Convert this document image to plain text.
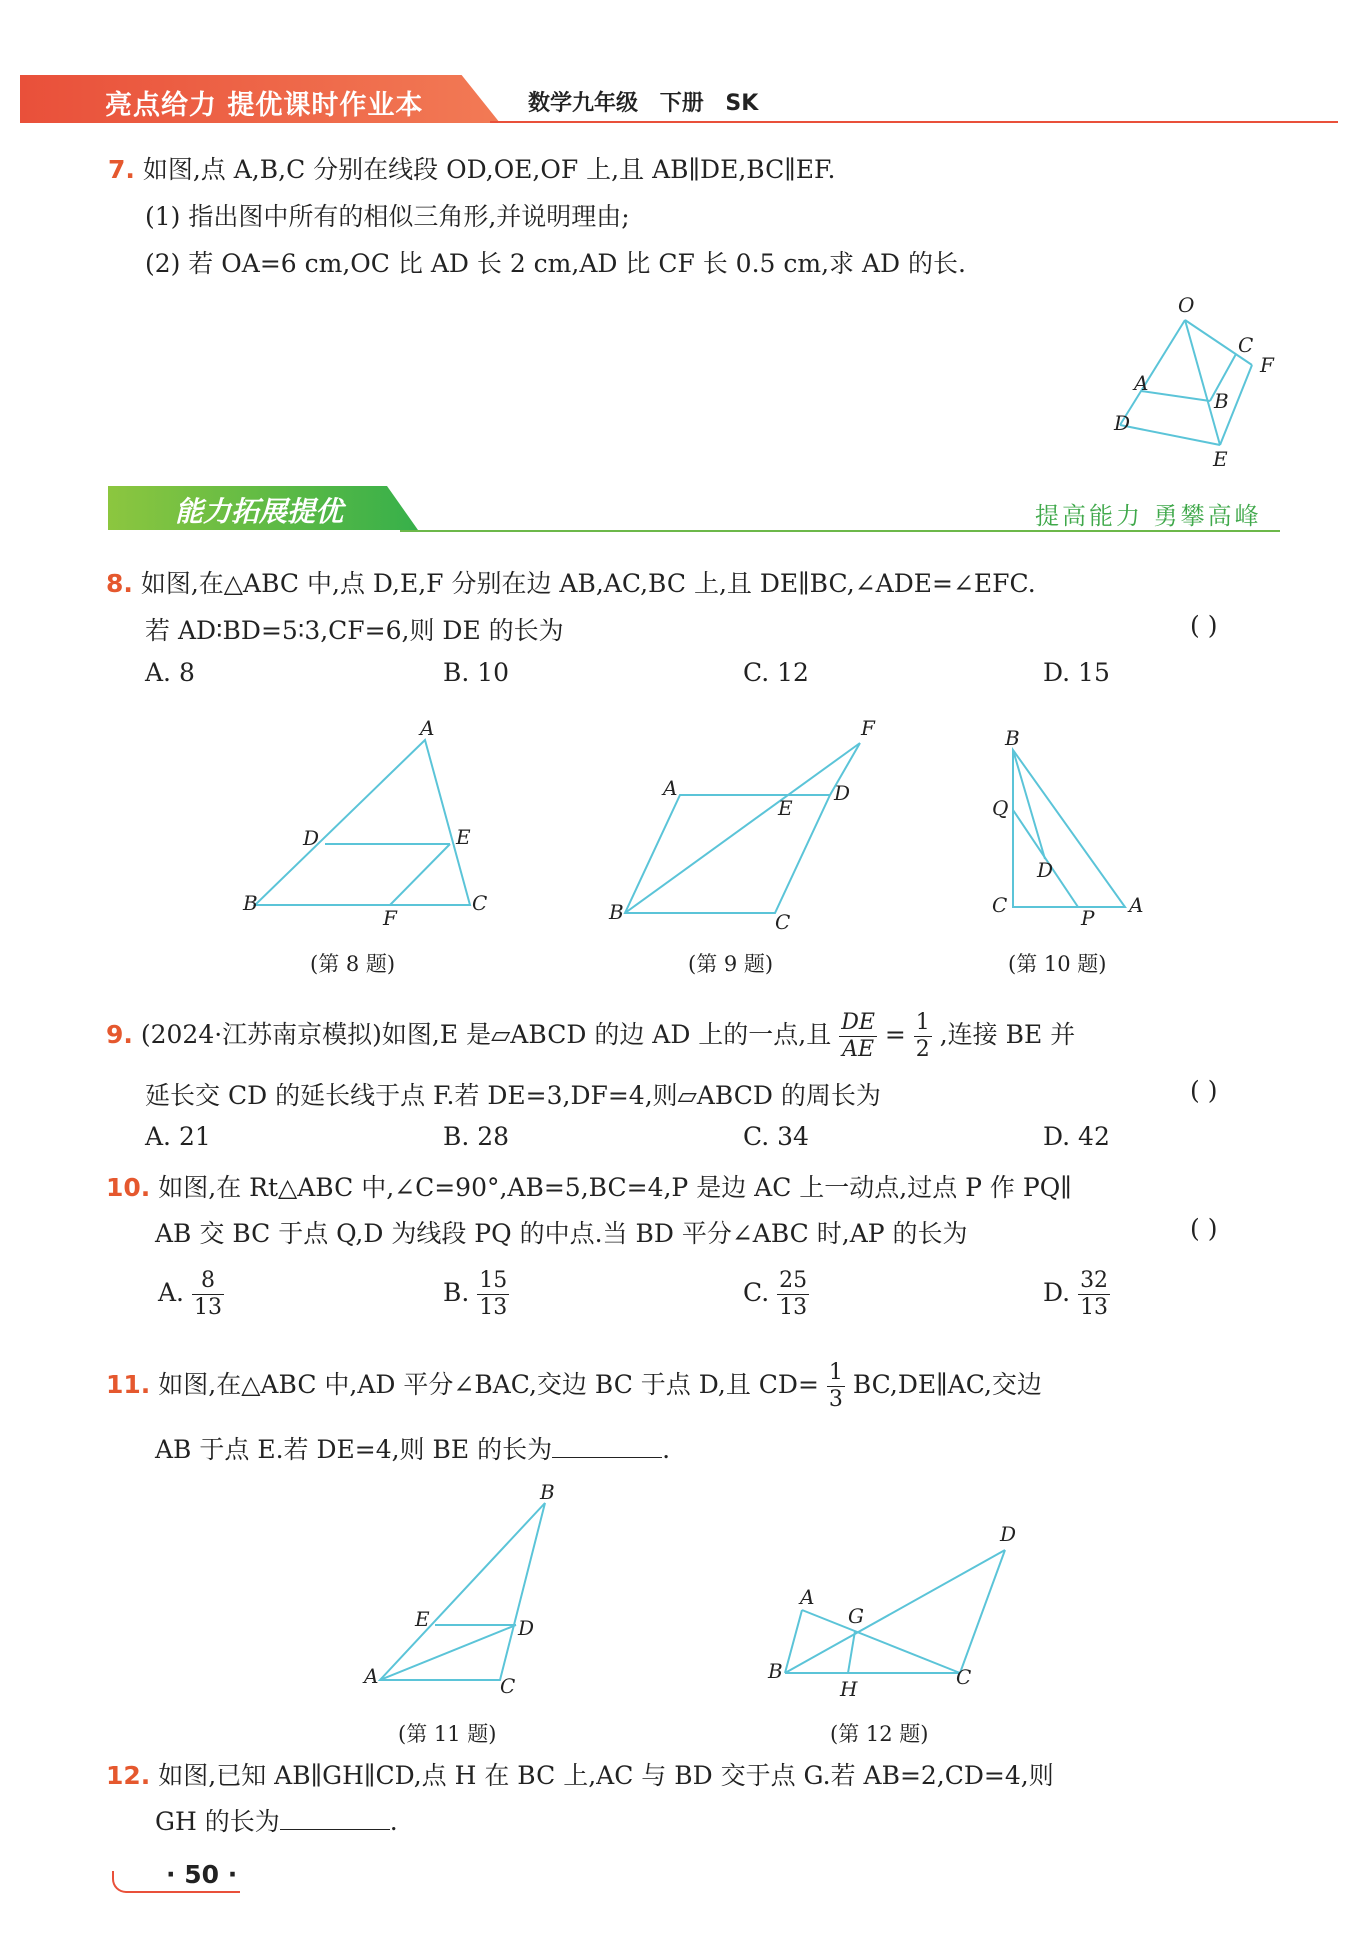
亮点给力 提优课时作业本	数学九年级 下册 SK
7. 如图,点 A,B,C 分别在线段 OD,OE,OF 上,且 AB∥DE,BC∥EF.
(1) 指出图中所有的相似三角形,并说明理由;
(2) 若 OA=6 cm,OC 比 AD 长 2 cm,AD 比 CF 长 0.5 cm,求 AD 的长.
O
C
F
A
B
D
E
能力拓展提优	提高能力 勇攀高峰
8. 如图,在△ABC 中,点 D,E,F 分别在边 AB,AC,BC 上,且 DE∥BC,∠ADE=∠EFC.
若 AD∶BD=5∶3,CF=6,则 DE 的长为	( )
A. 8	B. 10	C. 12	D. 15
A
D	E
B
F
C
(第 8 题)
F
A
E
D
B	C
(第 9 题)
B
Q
D
C
P
A
(第 10 题)
9. (2024·江苏南京模拟)如图,E 是▱ABCD 的边 AD 上的一点,且 $\frac{DE}{AE} = \frac{1}{2}$ ,连接 BE 并
延长交 CD 的延长线于点 F.若 DE=3,DF=4,则▱ABCD 的周长为	( )
A. 21	B. 28	C. 34	D. 42
10. 如图,在 Rt△ABC 中,∠C=90°,AB=5,BC=4,P 是边 AC 上一动点,过点 P 作 PQ∥
AB 交 BC 于点 Q,D 为线段 PQ 的中点.当 BD 平分∠ABC 时,AP 的长为	( )
A. $\frac{8}{13}$	B. $\frac{15}{13}$	C. $\frac{25}{13}$	D. $\frac{32}{13}$
11. 如图,在△ABC 中,AD 平分∠BAC,交边 BC 于点 D,且 $CD= \frac{1}{3}$ BC,DE∥AC,交边
AB 于点 E.若 DE=4,则 BE 的长为	.
B
E	D
A	C
(第 11 题)
D
A
G
B
H	C
(第 12 题)
12. 如图,已知 AB∥GH∥CD,点 H 在 BC 上,AC 与 BD 交于点 G.若 AB=2,CD=4,则
GH 的长为	.
· 50 ·
